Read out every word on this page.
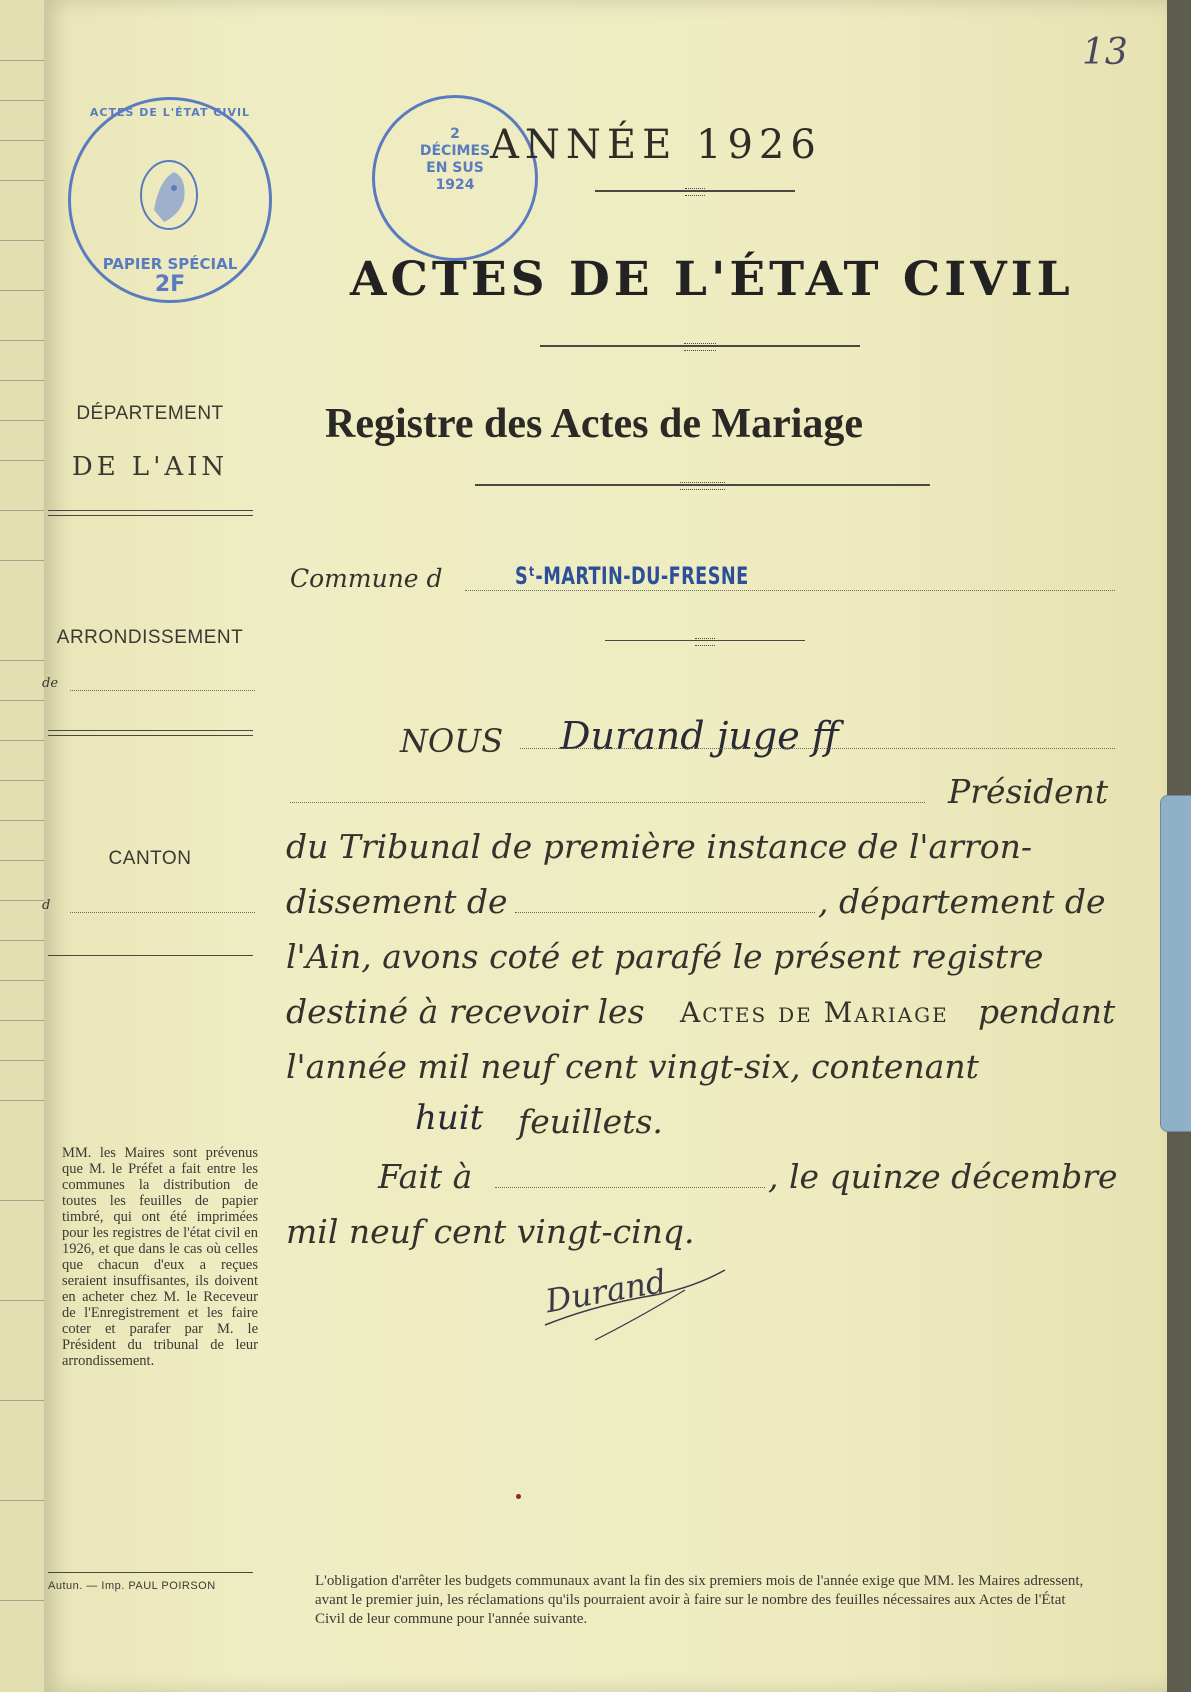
13
ACTES DE L'ÉTAT CIVIL
PAPIER SPÉCIAL
2F
2
DÉCIMES
EN SUS
1924
ANNÉE 1926
ACTES DE L'ÉTAT CIVIL
Registre des Actes de Mariage
DÉPARTEMENT
DE L'AIN
ARRONDISSEMENT
de
CANTON
d
MM. les Maires sont prévenus que M. le Préfet a fait entre les communes la distribution de toutes les feuilles de papier timbré, qui ont été imprimées pour les registres de l'état civil en 1926, et que dans le cas où celles que chacun d'eux a reçues seraient insuffisantes, ils doivent en acheter chez M. le Receveur de l'Enregistrement et les faire coter et parafer par M. le Président du tribunal de leur arrondissement.
Autun. — Imp. PAUL POIRSON
Commune d	Sᵗ-MARTIN-DU-FRESNE
NOUS Durand juge ff
Président
du Tribunal de première instance de l'arron-
dissement de	, département de
l'Ain, avons coté et parafé le présent registre
destiné à recevoir les Actes de Mariage pendant
l'année mil neuf cent vingt-six, contenant
huit feuillets.
Fait à	, le quinze décembre
mil neuf cent vingt-cinq.
Durand
L'obligation d'arrêter les budgets communaux avant la fin des six premiers mois de l'année exige que MM. les Maires adressent, avant le premier juin, les réclamations qu'ils pourraient avoir à faire sur le nombre des feuilles nécessaires aux Actes de l'État Civil de leur commune pour l'année suivante.
